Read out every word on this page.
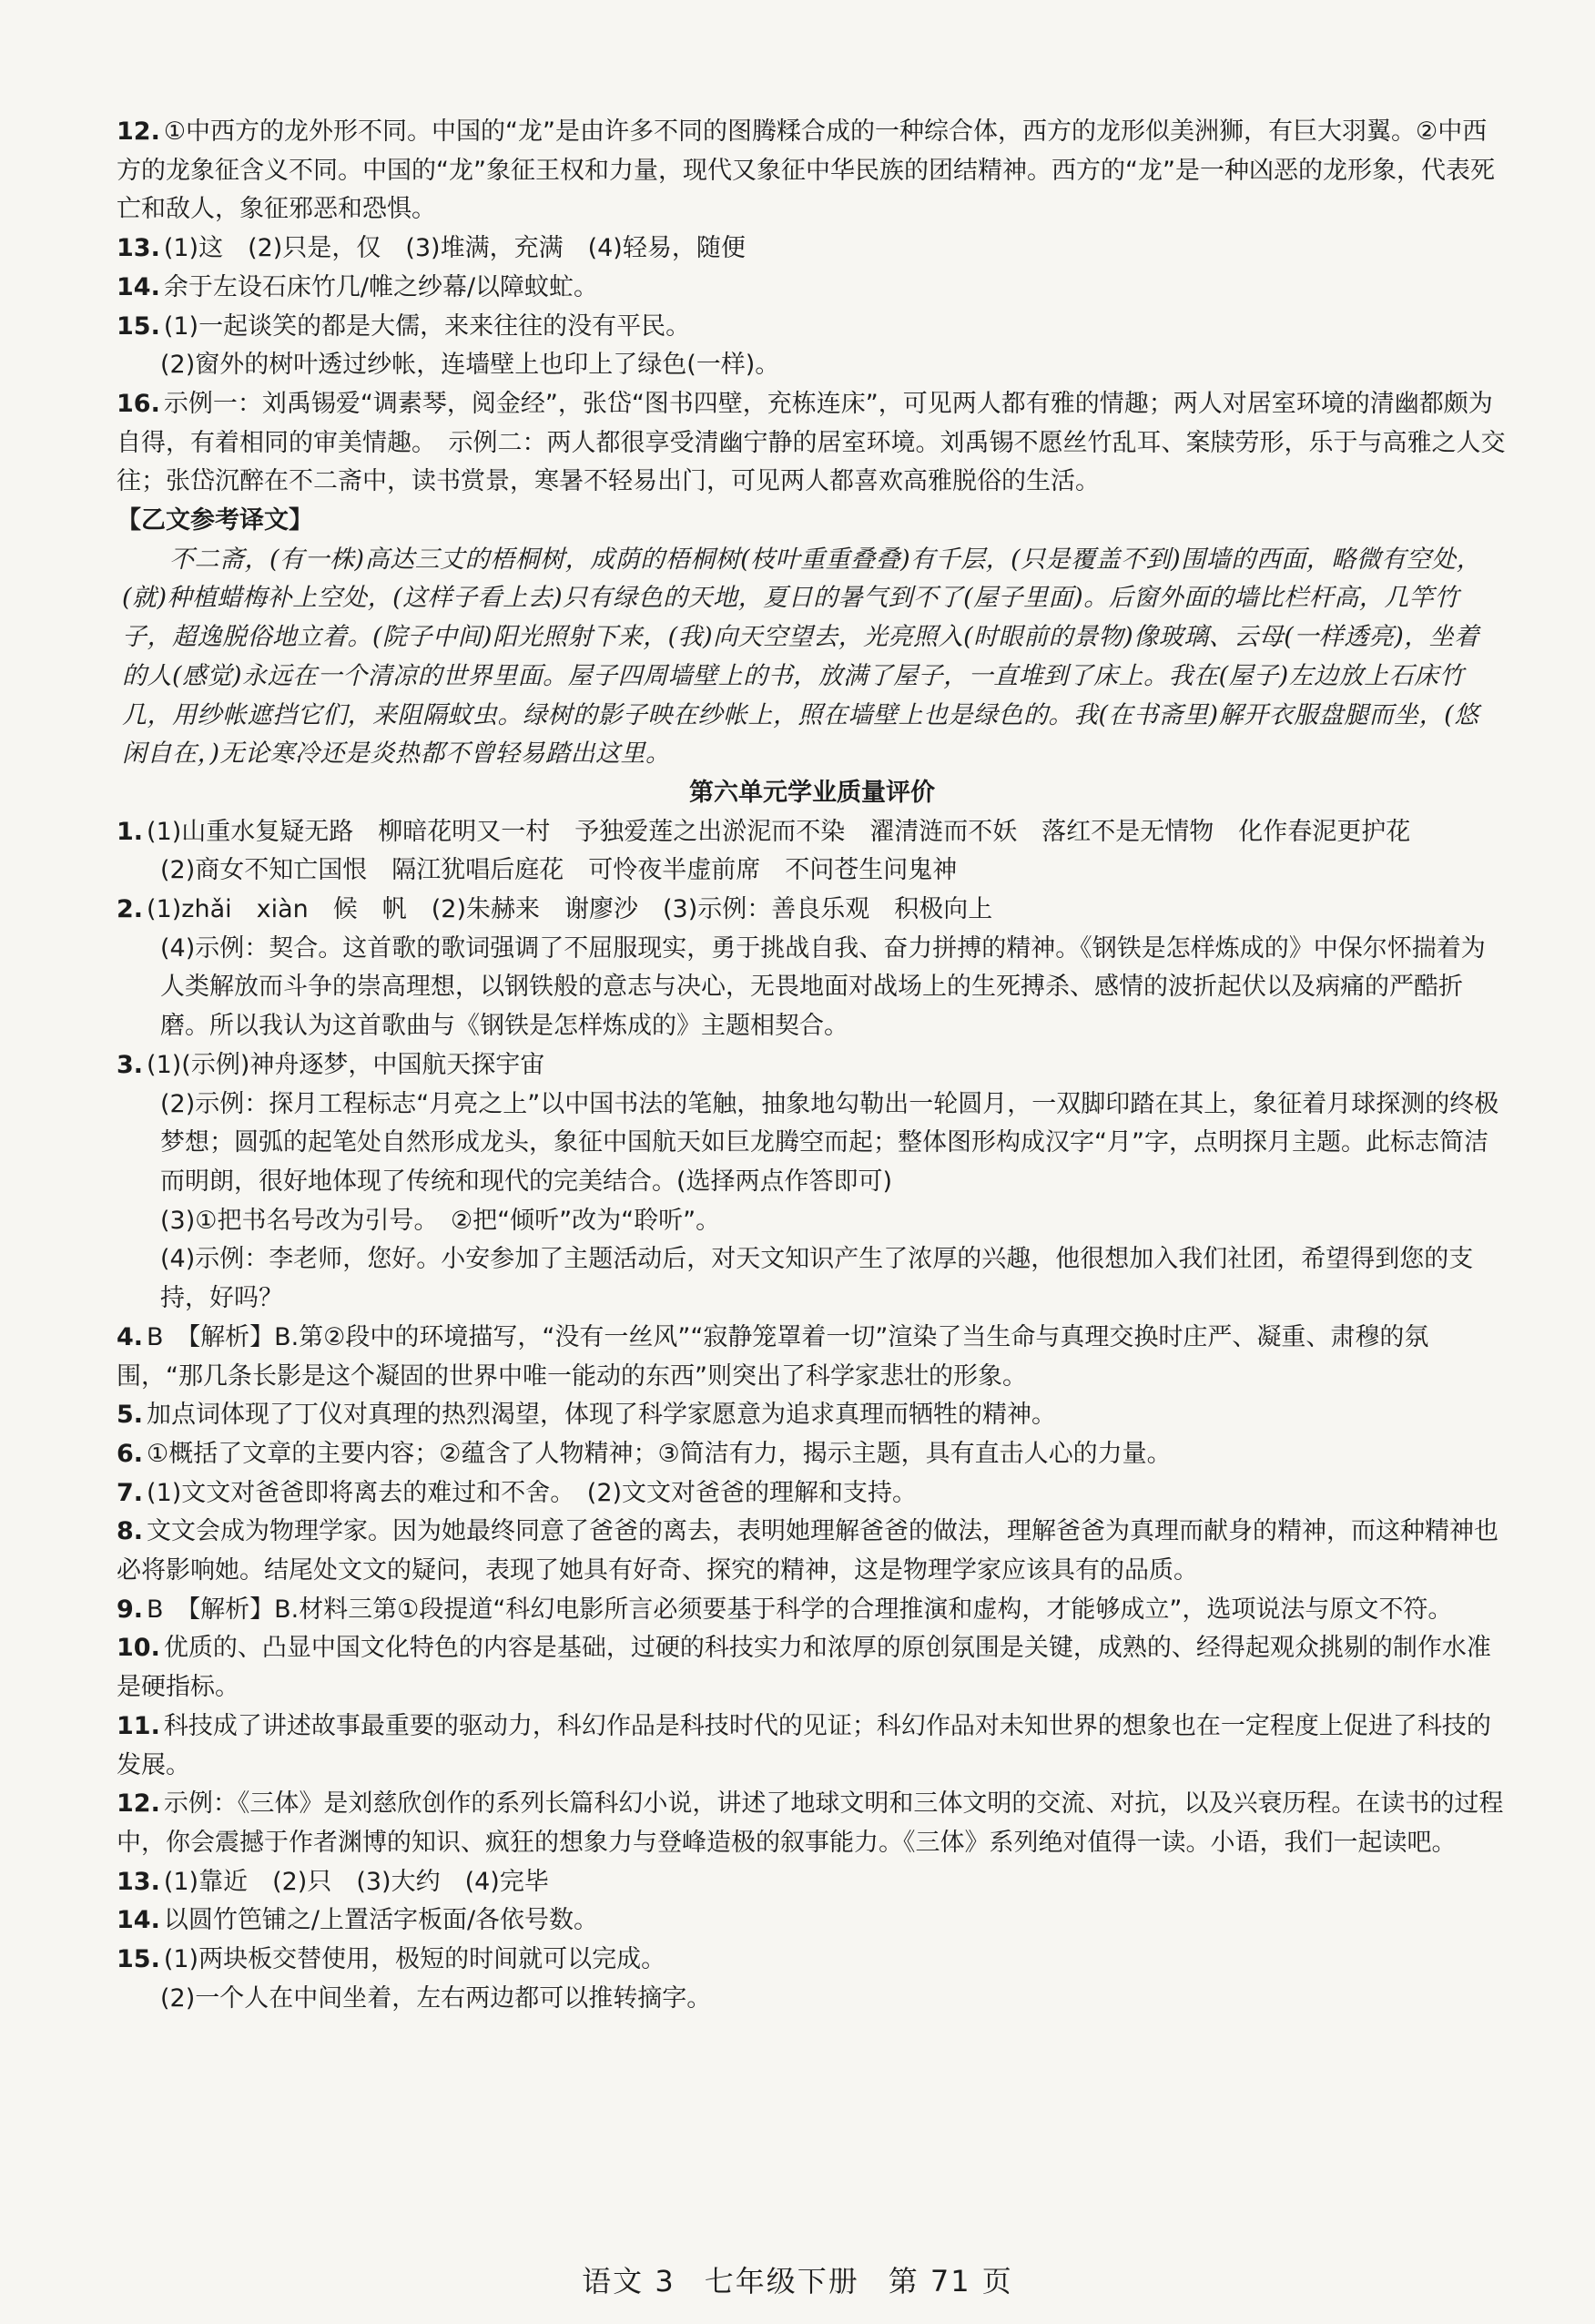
12. ①中西方的龙外形不同。中国的“龙”是由许多不同的图腾糅合成的一种综合体，西方的龙形似美洲狮，有巨大羽翼。②中西方的龙象征含义不同。中国的“龙”象征王权和力量，现代又象征中华民族的团结精神。西方的“龙”是一种凶恶的龙形象，代表死亡和敌人，象征邪恶和恐惧。

13. (1)这　(2)只是，仅　(3)堆满，充满　(4)轻易，随便

14. 余于左设石床竹几/帷之纱幕/以障蚊虻。

15. (1)一起谈笑的都是大儒，来来往往的没有平民。

(2)窗外的树叶透过纱帐，连墙壁上也印上了绿色(一样)。

16. 示例一：刘禹锡爱“调素琴，阅金经”，张岱“图书四壁，充栋连床”，可见两人都有雅的情趣；两人对居室环境的清幽都颇为自得，有着相同的审美情趣。　示例二：两人都很享受清幽宁静的居室环境。刘禹锡不愿丝竹乱耳、案牍劳形，乐于与高雅之人交往；张岱沉醉在不二斋中，读书赏景，寒暑不轻易出门，可见两人都喜欢高雅脱俗的生活。

【乙文参考译文】

不二斋，(有一株)高达三丈的梧桐树，成荫的梧桐树(枝叶重重叠叠)有千层，(只是覆盖不到)围墙的西面，略微有空处，(就)种植蜡梅补上空处，(这样子看上去)只有绿色的天地，夏日的暑气到不了(屋子里面)。后窗外面的墙比栏杆高，几竿竹子，超逸脱俗地立着。(院子中间)阳光照射下来，(我)向天空望去，光亮照入(时眼前的景物)像玻璃、云母(一样透亮)，坐着的人(感觉)永远在一个清凉的世界里面。屋子四周墙壁上的书，放满了屋子，一直堆到了床上。我在(屋子)左边放上石床竹几，用纱帐遮挡它们，来阻隔蚊虫。绿树的影子映在纱帐上，照在墙壁上也是绿色的。我(在书斋里)解开衣服盘腿而坐，(悠闲自在，)无论寒冷还是炎热都不曾轻易踏出这里。

第六单元学业质量评价

1. (1)山重水复疑无路　柳暗花明又一村　予独爱莲之出淤泥而不染　濯清涟而不妖　落红不是无情物　化作春泥更护花

(2)商女不知亡国恨　隔江犹唱后庭花　可怜夜半虚前席　不问苍生问鬼神

2. (1)zhǎi　xiàn　候　帆　(2)朱赫来　谢廖沙　(3)示例：善良乐观　积极向上

(4)示例：契合。这首歌的歌词强调了不屈服现实，勇于挑战自我、奋力拼搏的精神。《钢铁是怎样炼成的》中保尔怀揣着为人类解放而斗争的崇高理想，以钢铁般的意志与决心，无畏地面对战场上的生死搏杀、感情的波折起伏以及病痛的严酷折磨。所以我认为这首歌曲与《钢铁是怎样炼成的》主题相契合。

3. (1)(示例)神舟逐梦，中国航天探宇宙

(2)示例：探月工程标志“月亮之上”以中国书法的笔触，抽象地勾勒出一轮圆月，一双脚印踏在其上，象征着月球探测的终极梦想；圆弧的起笔处自然形成龙头，象征中国航天如巨龙腾空而起；整体图形构成汉字“月”字，点明探月主题。此标志简洁而明朗，很好地体现了传统和现代的完美结合。(选择两点作答即可)

(3)①把书名号改为引号。　②把“倾听”改为“聆听”。

(4)示例：李老师，您好。小安参加了主题活动后，对天文知识产生了浓厚的兴趣，他很想加入我们社团，希望得到您的支持，好吗？

4. B　【解析】B.第②段中的环境描写，“没有一丝风”“寂静笼罩着一切”渲染了当生命与真理交换时庄严、凝重、肃穆的氛围，“那几条长影是这个凝固的世界中唯一能动的东西”则突出了科学家悲壮的形象。

5. 加点词体现了丁仪对真理的热烈渴望，体现了科学家愿意为追求真理而牺牲的精神。

6. ①概括了文章的主要内容；②蕴含了人物精神；③简洁有力，揭示主题，具有直击人心的力量。

7. (1)文文对爸爸即将离去的难过和不舍。　(2)文文对爸爸的理解和支持。

8. 文文会成为物理学家。因为她最终同意了爸爸的离去，表明她理解爸爸的做法，理解爸爸为真理而献身的精神，而这种精神也必将影响她。结尾处文文的疑问，表现了她具有好奇、探究的精神，这是物理学家应该具有的品质。

9. B　【解析】B.材料三第①段提道“科幻电影所言必须要基于科学的合理推演和虚构，才能够成立”，选项说法与原文不符。

10. 优质的、凸显中国文化特色的内容是基础，过硬的科技实力和浓厚的原创氛围是关键，成熟的、经得起观众挑剔的制作水准是硬指标。

11. 科技成了讲述故事最重要的驱动力，科幻作品是科技时代的见证；科幻作品对未知世界的想象也在一定程度上促进了科技的发展。

12. 示例：《三体》是刘慈欣创作的系列长篇科幻小说，讲述了地球文明和三体文明的交流、对抗，以及兴衰历程。在读书的过程中，你会震撼于作者渊博的知识、疯狂的想象力与登峰造极的叙事能力。《三体》系列绝对值得一读。小语，我们一起读吧。

13. (1)靠近　(2)只　(3)大约　(4)完毕

14. 以圆竹笆铺之/上置活字板面/各依号数。

15. (1)两块板交替使用，极短的时间就可以完成。

(2)一个人在中间坐着，左右两边都可以推转摘字。

语文 3 七年级下册 第 71 页
